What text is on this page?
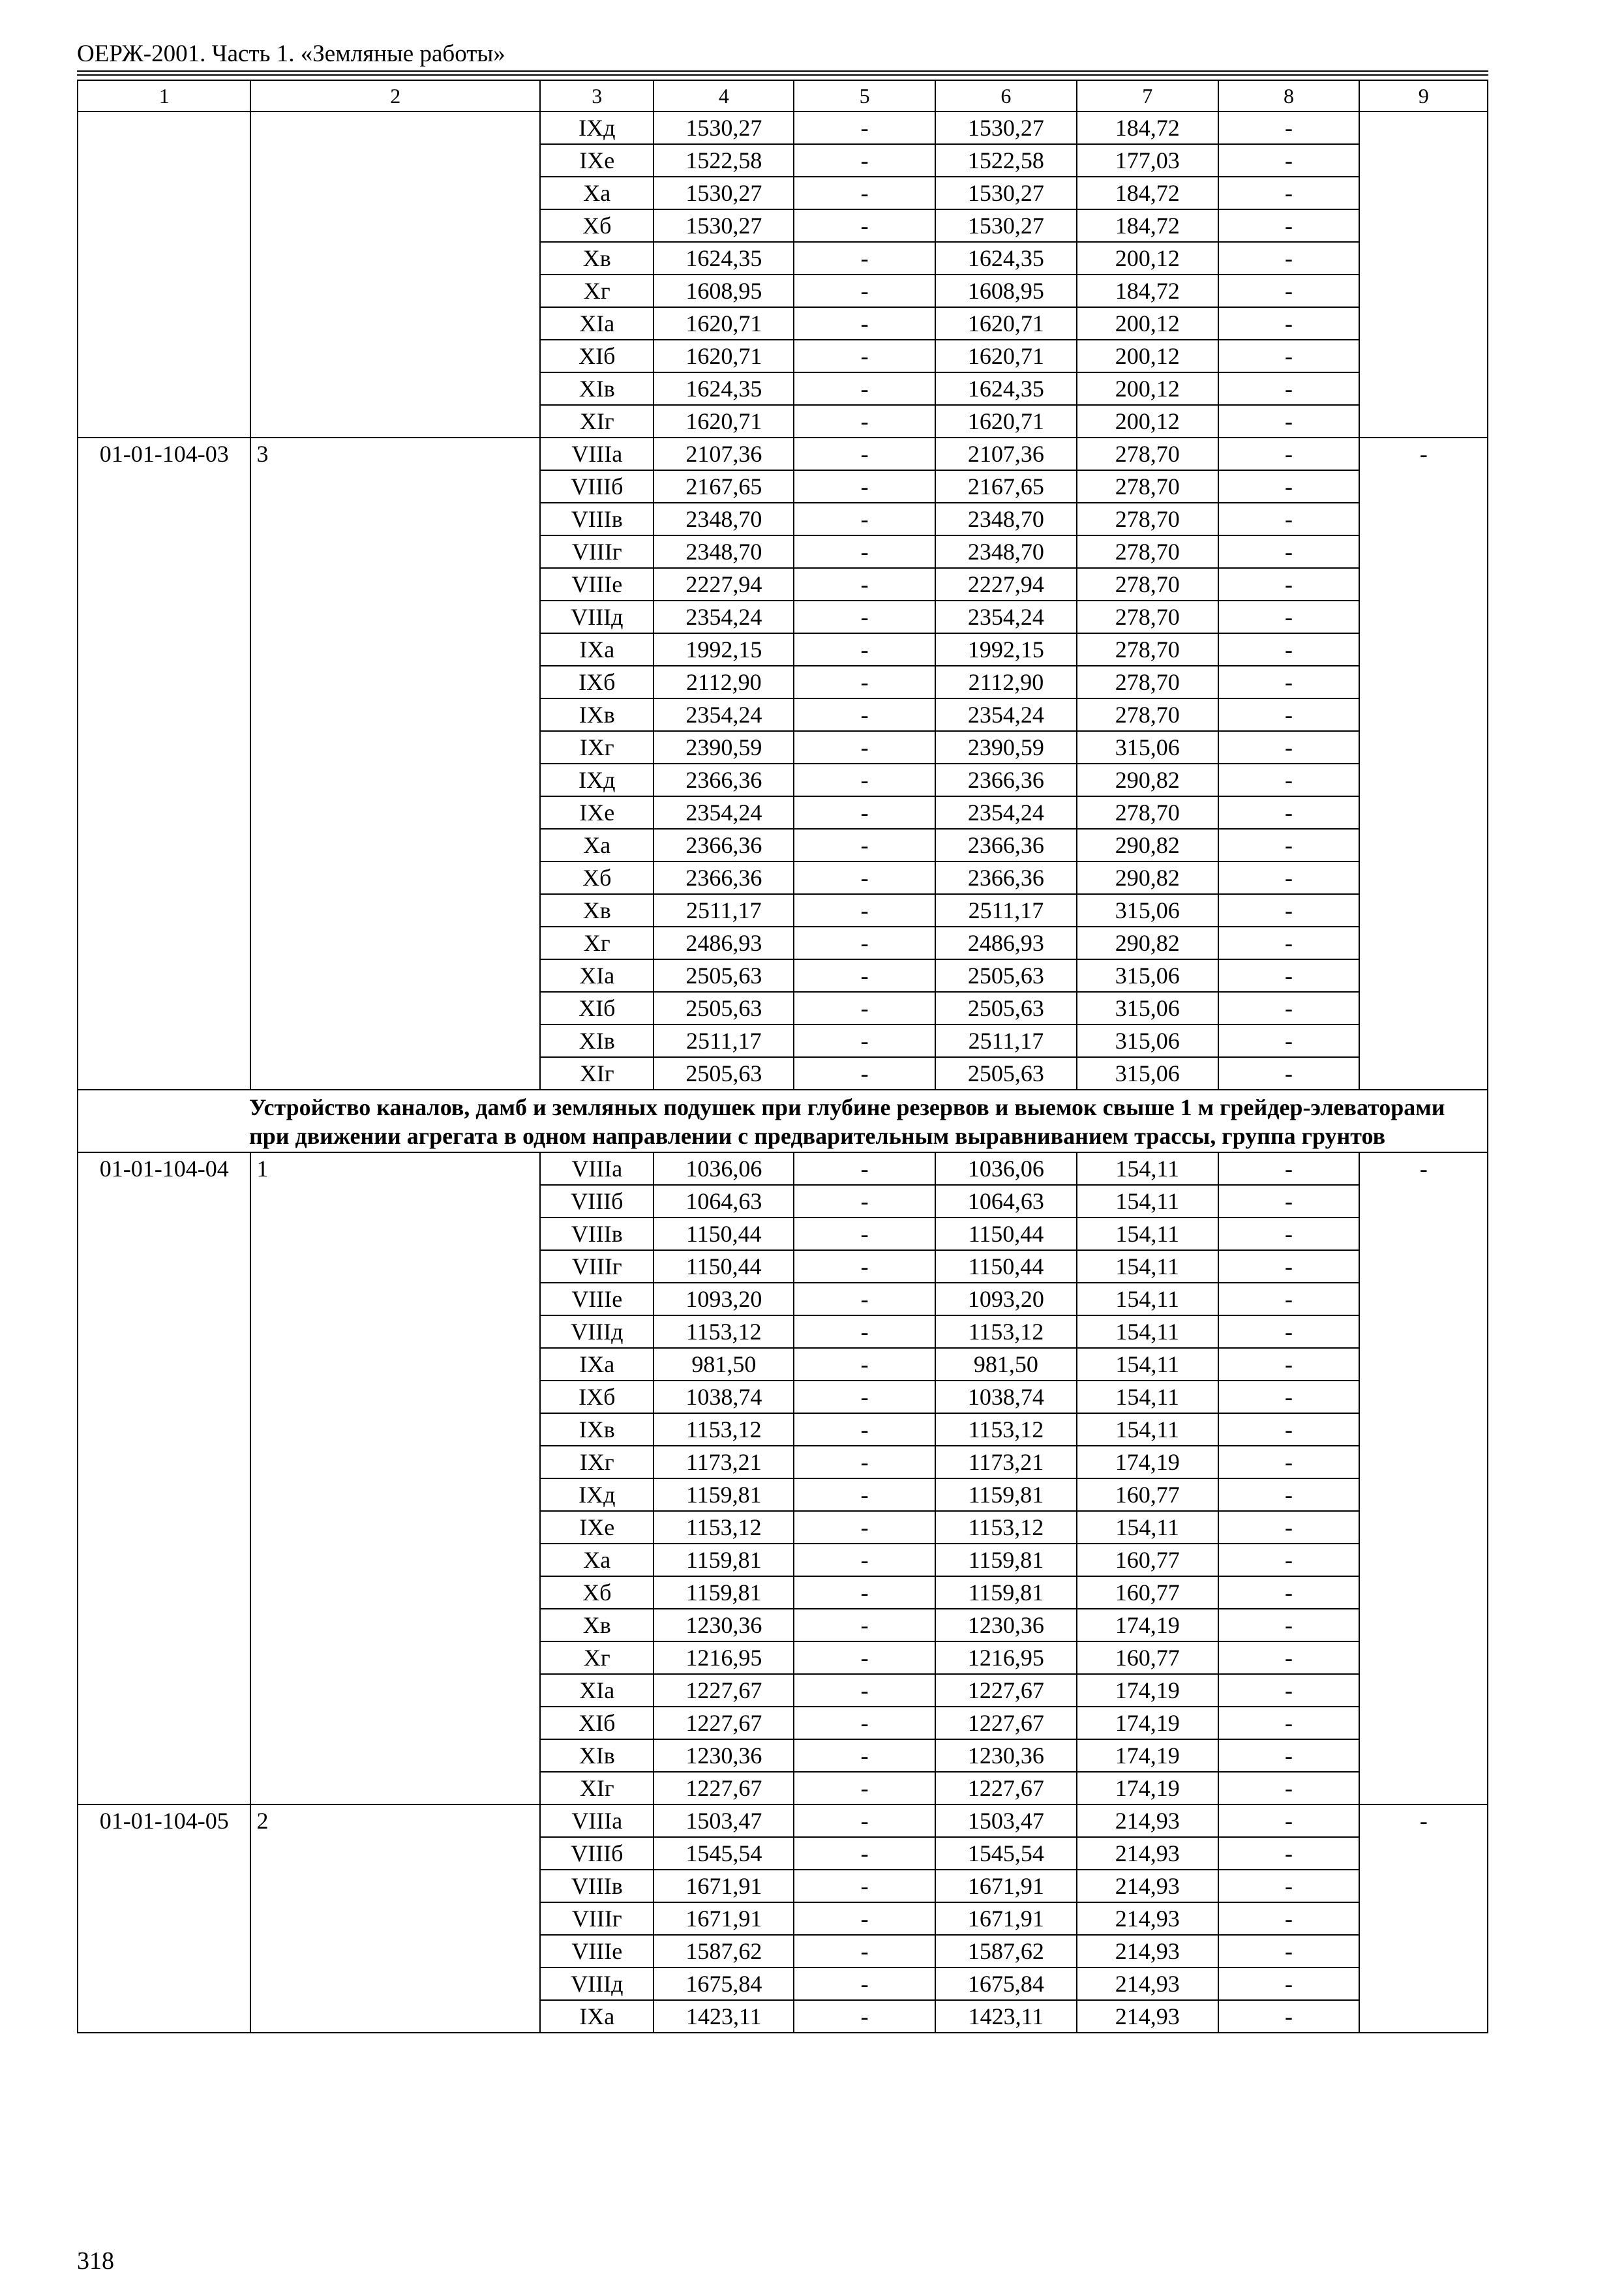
ОЕРЖ-2001. Часть 1. «Земляные работы»
1	2	3	4	5	6	7	8	9
		IXд	1530,27	-	1530,27	184,72	-	
		IXе	1522,58	-	1522,58	177,03	-	
		Xа	1530,27	-	1530,27	184,72	-	
		Xб	1530,27	-	1530,27	184,72	-	
		Xв	1624,35	-	1624,35	200,12	-	
		Xг	1608,95	-	1608,95	184,72	-	
		XIа	1620,71	-	1620,71	200,12	-	
		XIб	1620,71	-	1620,71	200,12	-	
		XIв	1624,35	-	1624,35	200,12	-	
		XIг	1620,71	-	1620,71	200,12	-	
01-01-104-03	3	VIIIа	2107,36	-	2107,36	278,70	-	-
		VIIIб	2167,65	-	2167,65	278,70	-	
		VIIIв	2348,70	-	2348,70	278,70	-	
		VIIIг	2348,70	-	2348,70	278,70	-	
		VIIIе	2227,94	-	2227,94	278,70	-	
		VIIIд	2354,24	-	2354,24	278,70	-	
		IXа	1992,15	-	1992,15	278,70	-	
		IXб	2112,90	-	2112,90	278,70	-	
		IXв	2354,24	-	2354,24	278,70	-	
		IXг	2390,59	-	2390,59	315,06	-	
		IXд	2366,36	-	2366,36	290,82	-	
		IXе	2354,24	-	2354,24	278,70	-	
		Xа	2366,36	-	2366,36	290,82	-	
		Xб	2366,36	-	2366,36	290,82	-	
		Xв	2511,17	-	2511,17	315,06	-	
		Xг	2486,93	-	2486,93	290,82	-	
		XIа	2505,63	-	2505,63	315,06	-	
		XIб	2505,63	-	2505,63	315,06	-	
		XIв	2511,17	-	2511,17	315,06	-	
		XIг	2505,63	-	2505,63	315,06	-	
Устройство каналов, дамб и земляных подушек при глубине резервов и выемок свыше 1 м грейдер-элеваторами при движении агрегата в одном направлении с предварительным выравниванием трассы, группа грунтов								
01-01-104-04	1	VIIIа	1036,06	-	1036,06	154,11	-	-
		VIIIб	1064,63	-	1064,63	154,11	-	
		VIIIв	1150,44	-	1150,44	154,11	-	
		VIIIг	1150,44	-	1150,44	154,11	-	
		VIIIе	1093,20	-	1093,20	154,11	-	
		VIIIд	1153,12	-	1153,12	154,11	-	
		IXа	981,50	-	981,50	154,11	-	
		IXб	1038,74	-	1038,74	154,11	-	
		IXв	1153,12	-	1153,12	154,11	-	
		IXг	1173,21	-	1173,21	174,19	-	
		IXд	1159,81	-	1159,81	160,77	-	
		IXе	1153,12	-	1153,12	154,11	-	
		Xа	1159,81	-	1159,81	160,77	-	
		Xб	1159,81	-	1159,81	160,77	-	
		Xв	1230,36	-	1230,36	174,19	-	
		Xг	1216,95	-	1216,95	160,77	-	
		XIа	1227,67	-	1227,67	174,19	-	
		XIб	1227,67	-	1227,67	174,19	-	
		XIв	1230,36	-	1230,36	174,19	-	
		XIг	1227,67	-	1227,67	174,19	-	
01-01-104-05	2	VIIIа	1503,47	-	1503,47	214,93	-	-
		VIIIб	1545,54	-	1545,54	214,93	-	
		VIIIв	1671,91	-	1671,91	214,93	-	
		VIIIг	1671,91	-	1671,91	214,93	-	
		VIIIе	1587,62	-	1587,62	214,93	-	
		VIIIд	1675,84	-	1675,84	214,93	-	
		IXа	1423,11	-	1423,11	214,93	-	
318
